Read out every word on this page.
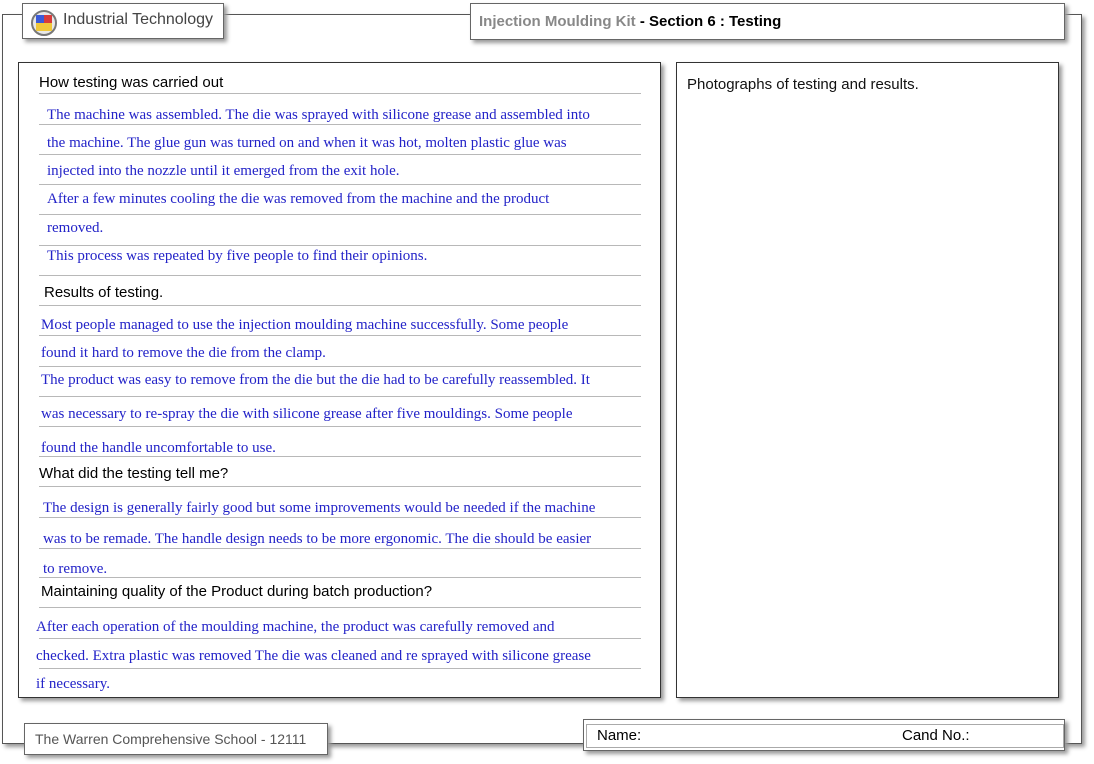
Industrial Technology	Injection Moulding Kit - Section 6 : Testing
How testing was carried out
The machine was assembled. The die was sprayed with silicone grease and assembled into
the machine. The glue gun was turned on and when it was hot, molten plastic glue was
injected into the nozzle until it emerged from the exit hole.
After a few minutes cooling the die was removed from the machine and the product
removed.
This process was repeated by five people to find their opinions.
Results of testing.
Most people managed to use the injection moulding machine successfully. Some people
found it hard to remove the die from the clamp.
The product was easy to remove from the die but the die had to be carefully reassembled. It
was necessary to re-spray the die with silicone grease after five mouldings. Some people
found the handle uncomfortable to use.
What did the testing tell me?
The design is generally fairly good but some improvements would be needed if the machine
was to be remade. The handle design needs to be more ergonomic. The die should be easier
to remove.
Maintaining quality of the Product during batch production?
After each operation of the moulding machine, the product was carefully removed and
checked. Extra plastic was removed The die was cleaned and re sprayed with silicone grease
if necessary.
Photographs of testing and results.
The Warren Comprehensive School - 12111	Name:	Cand No.:
